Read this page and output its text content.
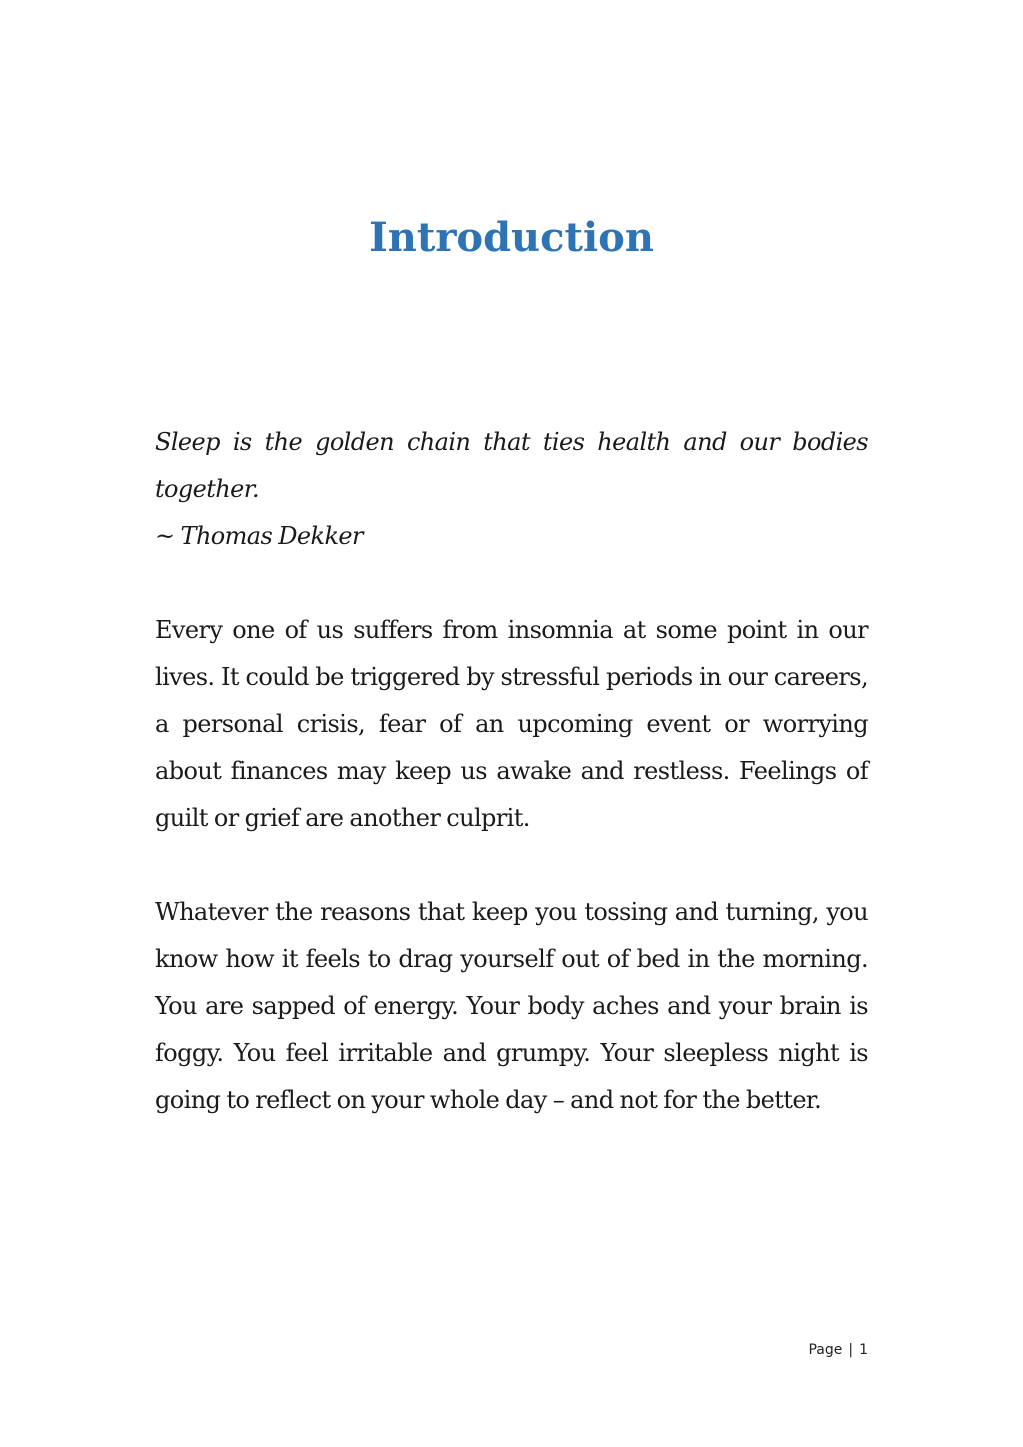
Introduction

Sleep is the golden chain that ties health and our bodies together.

~ Thomas Dekker

Every one of us suffers from insomnia at some point in our lives. It could be triggered by stressful periods in our careers, a personal crisis, fear of an upcoming event or worrying about finances may keep us awake and restless. Feelings of guilt or grief are another culprit.

Whatever the reasons that keep you tossing and turning, you know how it feels to drag yourself out of bed in the morning. You are sapped of energy. Your body aches and your brain is foggy. You feel irritable and grumpy. Your sleepless night is going to reflect on your whole day – and not for the better.

Page | 1
